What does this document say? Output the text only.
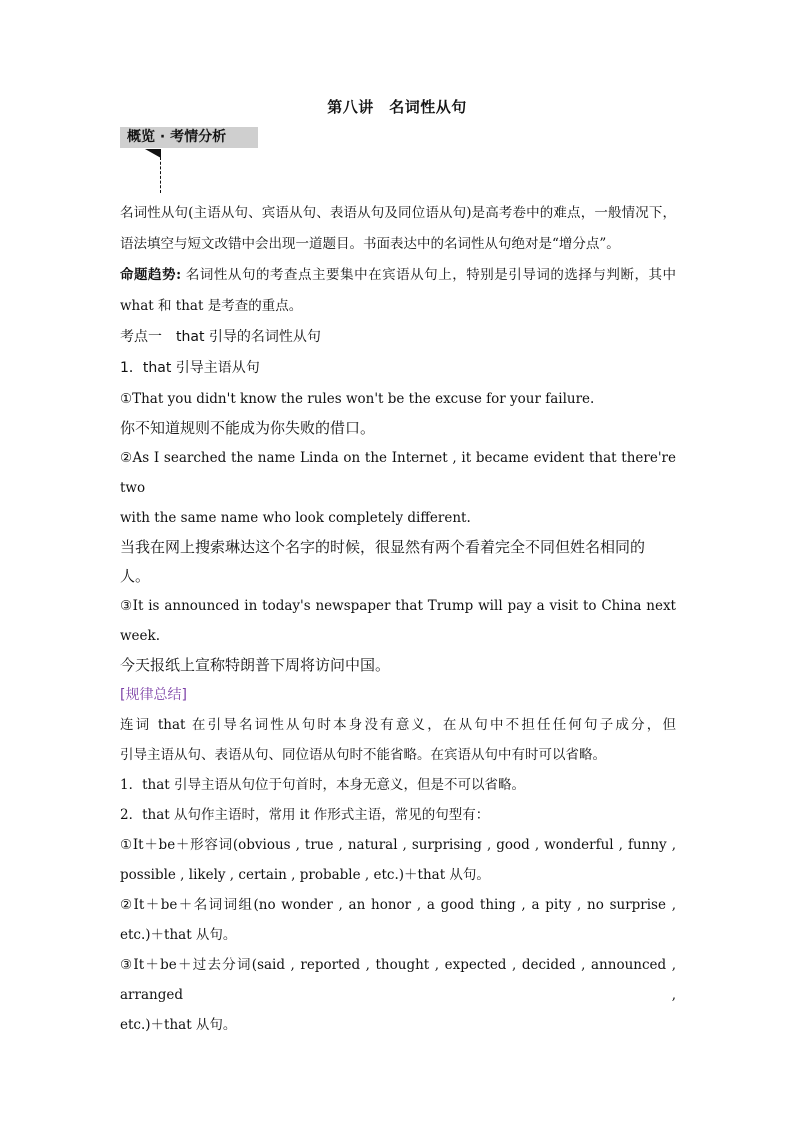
第八讲　名词性从句
概览 · 考情分析

名词性从句(主语从句、宾语从句、表语从句及同位语从句)是高考卷中的难点，一般情况下，语法填空与短文改错中会出现一道题目。书面表达中的名词性从句绝对是“增分点”。

命题趋势: 名词性从句的考查点主要集中在宾语从句上，特别是引导词的选择与判断，其中 what 和 that 是考查的重点。

考点一　that 引导的名词性从句

1．that 引导主语从句

①That you didn't know the rules won't be the excuse for your failure.

你不知道规则不能成为你失败的借口。

②As I searched the name Linda on the Internet , it became evident that there're two

with the same name who look completely different.

当我在网上搜索琳达这个名字的时候，很显然有两个看着完全不同但姓名相同的

人。

③It is announced in today's newspaper that Trump will pay a visit to China next

week.

今天报纸上宣称特朗普下周将访问中国。

[规律总结]

连词 that 在引导名词性从句时本身没有意义，在从句中不担任任何句子成分，但

引导主语从句、表语从句、同位语从句时不能省略。在宾语从句中有时可以省略。

1．that 引导主语从句位于句首时，本身无意义，但是不可以省略。

2．that 从句作主语时，常用 it 作形式主语，常见的句型有：

①It＋be＋形容词(obvious , true , natural , surprising , good , wonderful , funny ,

possible , likely , certain , probable , etc.)＋that 从句。

②It＋be＋名词词组(no wonder , an honor , a good thing , a pity , no surprise ,

etc.)＋that 从句。

③It＋be＋过去分词(said , reported , thought , expected , decided , announced , arranged ,

etc.)＋that 从句。
